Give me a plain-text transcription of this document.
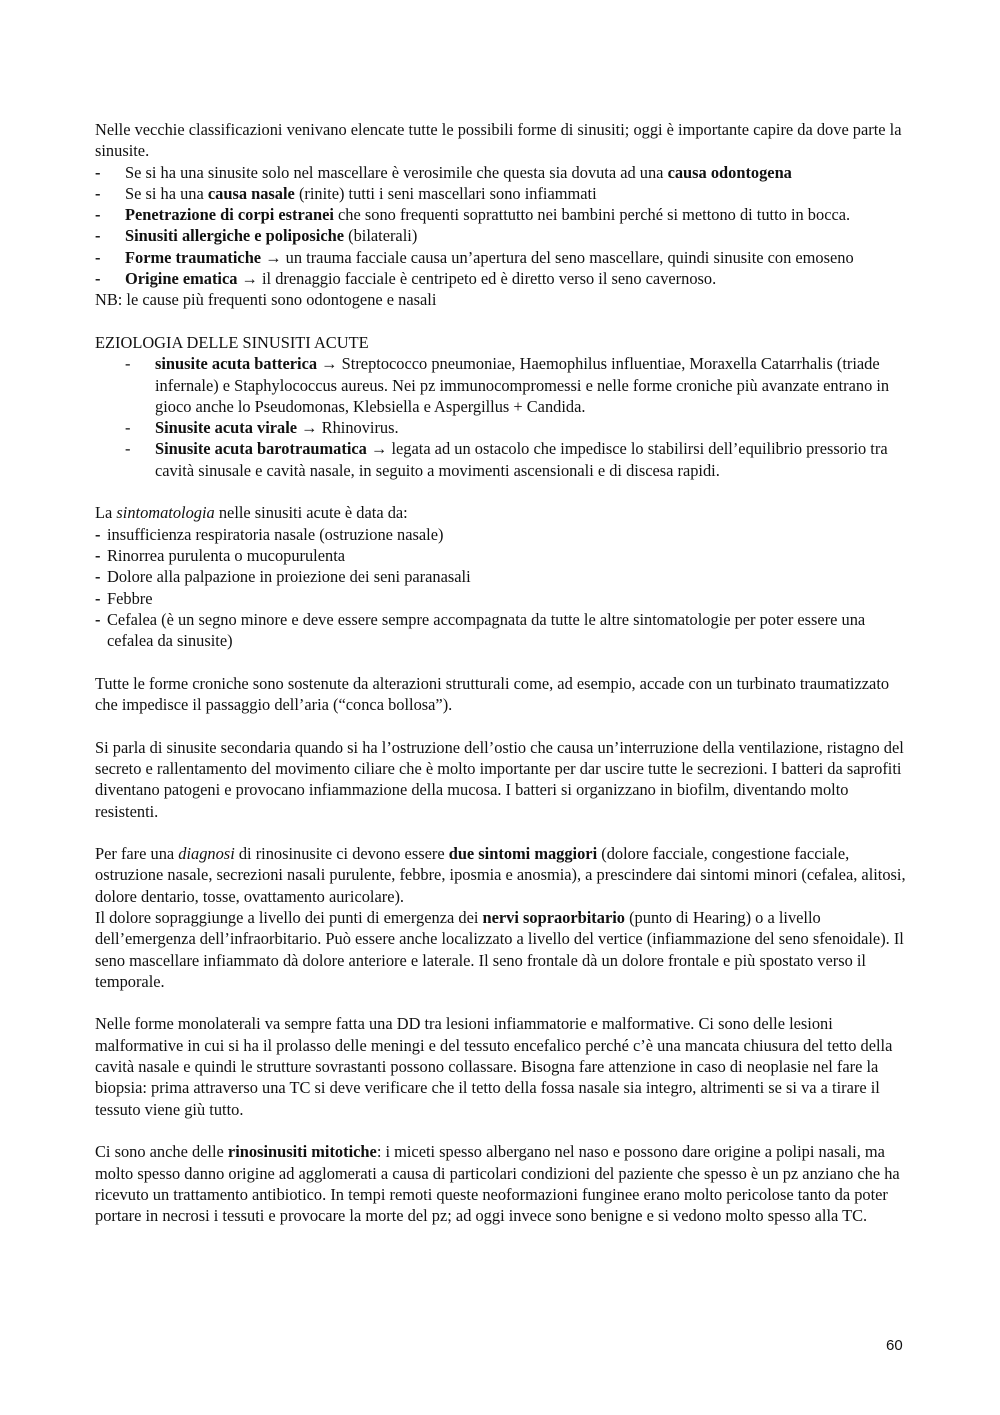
Nelle vecchie classificazioni venivano elencate tutte le possibili forme di sinusiti; oggi è importante capire da dove parte la sinusite.

- Se si ha una sinusite solo nel mascellare è verosimile che questa sia dovuta ad una causa odontogena
- Se si ha una causa nasale (rinite) tutti i seni mascellari sono infiammati
- Penetrazione di corpi estranei che sono frequenti soprattutto nei bambini perché si mettono di tutto in bocca.
- Sinusiti allergiche e poliposiche (bilaterali)
- Forme traumatiche → un trauma facciale causa un’apertura del seno mascellare, quindi sinusite con emoseno
- Origine ematica → il drenaggio facciale è centripeto ed è diretto verso il seno cavernoso.

NB: le cause più frequenti sono odontogene e nasali

EZIOLOGIA DELLE SINUSITI ACUTE

- sinusite acuta batterica → Streptococco pneumoniae, Haemophilus influentiae, Moraxella Catarrhalis (triade infernale) e Staphylococcus aureus. Nei pz immunocompromessi e nelle forme croniche più avanzate entrano in gioco anche lo Pseudomonas, Klebsiella e Aspergillus + Candida.
- Sinusite acuta virale → Rhinovirus.
- Sinusite acuta barotraumatica → legata ad un ostacolo che impedisce lo stabilirsi dell’equilibrio pressorio tra cavità sinusale e cavità nasale, in seguito a movimenti ascensionali e di discesa rapidi.

La sintomatologia nelle sinusiti acute è data da:

- insufficienza respiratoria nasale (ostruzione nasale)
- Rinorrea purulenta o mucopurulenta
- Dolore alla palpazione in proiezione dei seni paranasali
- Febbre
- Cefalea (è un segno minore e deve essere sempre accompagnata da tutte le altre sintomatologie per poter essere una cefalea da sinusite)

Tutte le forme croniche sono sostenute da alterazioni strutturali come, ad esempio, accade con un turbinato traumatizzato che impedisce il passaggio dell’aria (“conca bollosa”).

Si parla di sinusite secondaria quando si ha l’ostruzione dell’ostio che causa un’interruzione della ventilazione, ristagno del secreto e rallentamento del movimento ciliare che è molto importante per dar uscire tutte le secrezioni. I batteri da saprofiti diventano patogeni e provocano infiammazione della mucosa. I batteri si organizzano in biofilm, diventando molto resistenti.

Per fare una diagnosi di rinosinusite ci devono essere due sintomi maggiori (dolore facciale, congestione facciale, ostruzione nasale, secrezioni nasali purulente, febbre, iposmia e anosmia), a prescindere dai sintomi minori (cefalea, alitosi, dolore dentario, tosse, ovattamento auricolare).

Il dolore sopraggiunge a livello dei punti di emergenza dei nervi sopraorbitario (punto di Hearing) o a livello dell’emergenza dell’infraorbitario. Può essere anche localizzato a livello del vertice (infiammazione del seno sfenoidale). Il seno mascellare infiammato dà dolore anteriore e laterale. Il seno frontale dà un dolore frontale e più spostato verso il temporale.

Nelle forme monolaterali va sempre fatta una DD tra lesioni infiammatorie e malformative. Ci sono delle lesioni malformative in cui si ha il prolasso delle meningi e del tessuto encefalico perché c’è una mancata chiusura del tetto della cavità nasale e quindi le strutture sovrastanti possono collassare. Bisogna fare attenzione in caso di neoplasie nel fare la biopsia: prima attraverso una TC si deve verificare che il tetto della fossa nasale sia integro, altrimenti se si va a tirare il tessuto viene giù tutto.

Ci sono anche delle rinosinusiti mitotiche: i miceti spesso albergano nel naso e possono dare origine a polipi nasali, ma molto spesso danno origine ad agglomerati a causa di particolari condizioni del paziente che spesso è un pz anziano che ha ricevuto un trattamento antibiotico. In tempi remoti queste neoformazioni funginee erano molto pericolose tanto da poter portare in necrosi i tessuti e provocare la morte del pz; ad oggi invece sono benigne e si vedono molto spesso alla TC.

60
